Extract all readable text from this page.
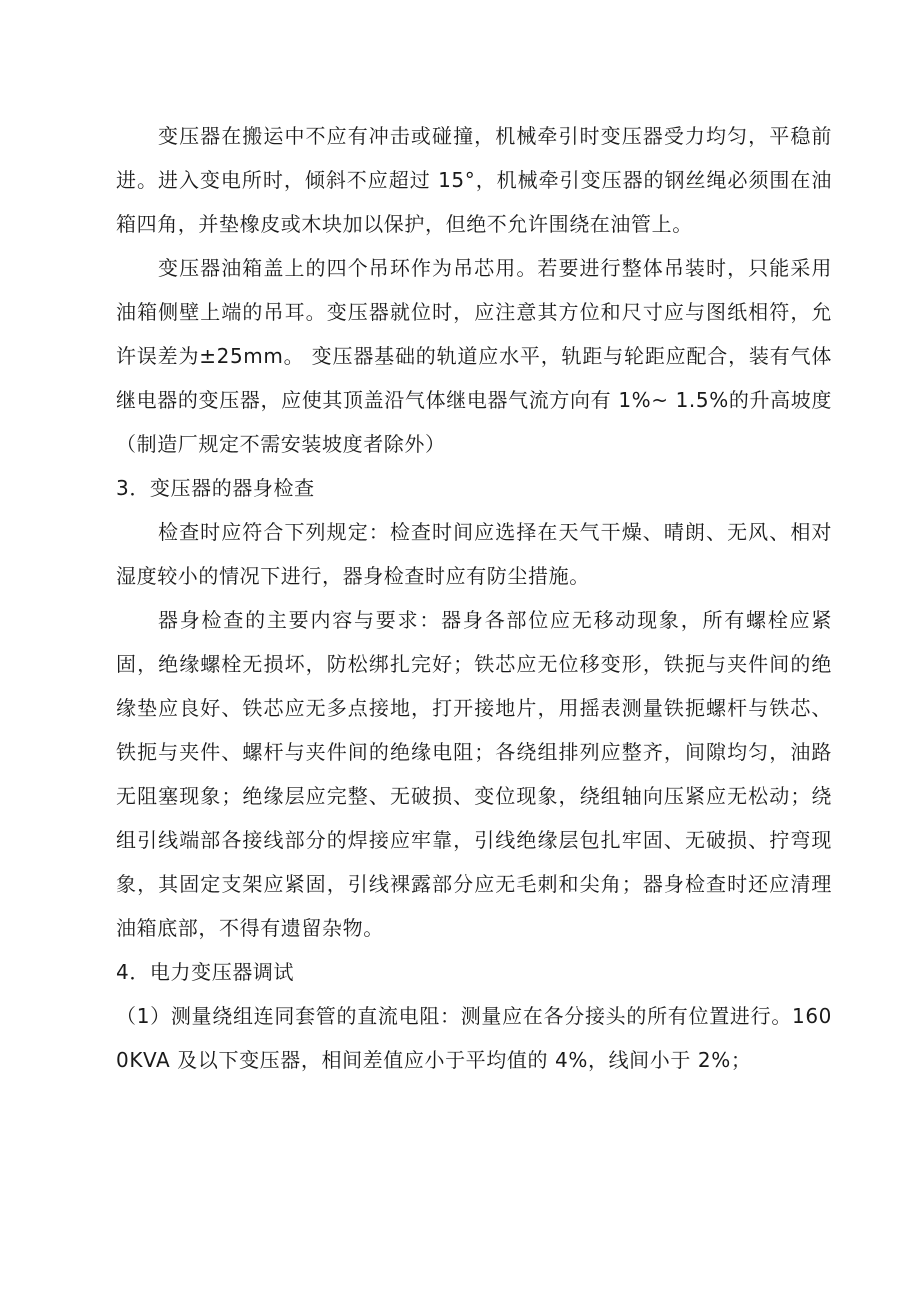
变压器在搬运中不应有冲击或碰撞，机械牵引时变压器受力均匀，平稳前进。进入变电所时，倾斜不应超过 15°，机械牵引变压器的钢丝绳必须围在油箱四角，并垫橡皮或木块加以保护，但绝不允许围绕在油管上。

变压器油箱盖上的四个吊环作为吊芯用。若要进行整体吊装时，只能采用油箱侧壁上端的吊耳。变压器就位时，应注意其方位和尺寸应与图纸相符，允许误差为±25mm。 变压器基础的轨道应水平，轨距与轮距应配合，装有气体继电器的变压器，应使其顶盖沿气体继电器气流方向有 1%~ 1.5%的升高坡度（制造厂规定不需安装坡度者除外）

3．变压器的器身检查

检查时应符合下列规定：检查时间应选择在天气干燥、晴朗、无风、相对湿度较小的情况下进行，器身检查时应有防尘措施。

器身检查的主要内容与要求：器身各部位应无移动现象，所有螺栓应紧固，绝缘螺栓无损坏，防松绑扎完好；铁芯应无位移变形，铁扼与夹件间的绝缘垫应良好、铁芯应无多点接地，打开接地片，用摇表测量铁扼螺杆与铁芯、铁扼与夹件、螺杆与夹件间的绝缘电阻；各绕组排列应整齐，间隙均匀，油路无阻塞现象；绝缘层应完整、无破损、变位现象，绕组轴向压紧应无松动；绕组引线端部各接线部分的焊接应牢靠，引线绝缘层包扎牢固、无破损、拧弯现象，其固定支架应紧固，引线裸露部分应无毛刺和尖角；器身检查时还应清理油箱底部，不得有遗留杂物。

4．电力变压器调试

（1）测量绕组连同套管的直流电阻：测量应在各分接头的所有位置进行。1600KVA 及以下变压器，相间差值应小于平均值的 4%，线间小于 2%；
